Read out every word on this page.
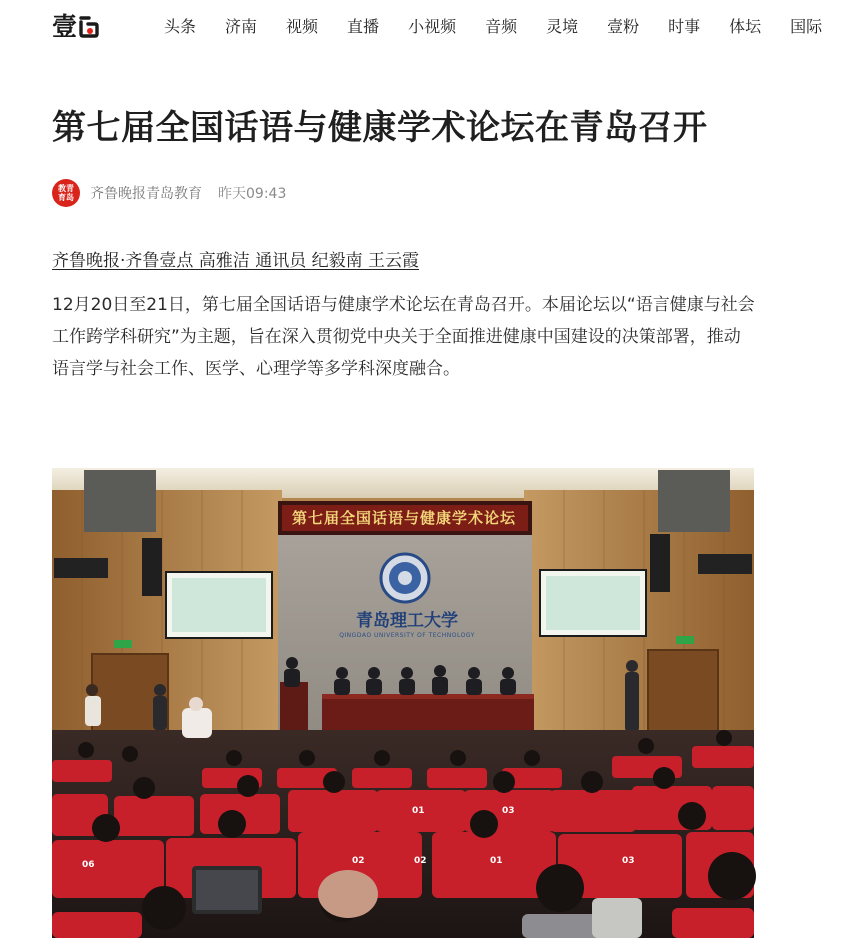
壹	头条 济南 视频 直播 小视频 音频 灵境 壹粉 时事 体坛 国际
第七届全国话语与健康学术论坛在青岛召开
教青
育岛 齐鲁晚报青岛教育 昨天09:43
齐鲁晚报·齐鲁壹点 高雅洁 通讯员 纪毅南 王云霞

12月20日至21日，第七届全国话语与健康学术论坛在青岛召开。本届论坛以“语言健康与社会工作跨学科研究”为主题，旨在深入贯彻党中央关于全面推进健康中国建设的决策部署，推动语言学与社会工作、医学、心理学等多学科深度融合。

第七届全国话语与健康学术论坛
青岛理工大学
QINGDAO UNIVERSITY OF TECHNOLOGY
01
02
03
06	02	01	03
